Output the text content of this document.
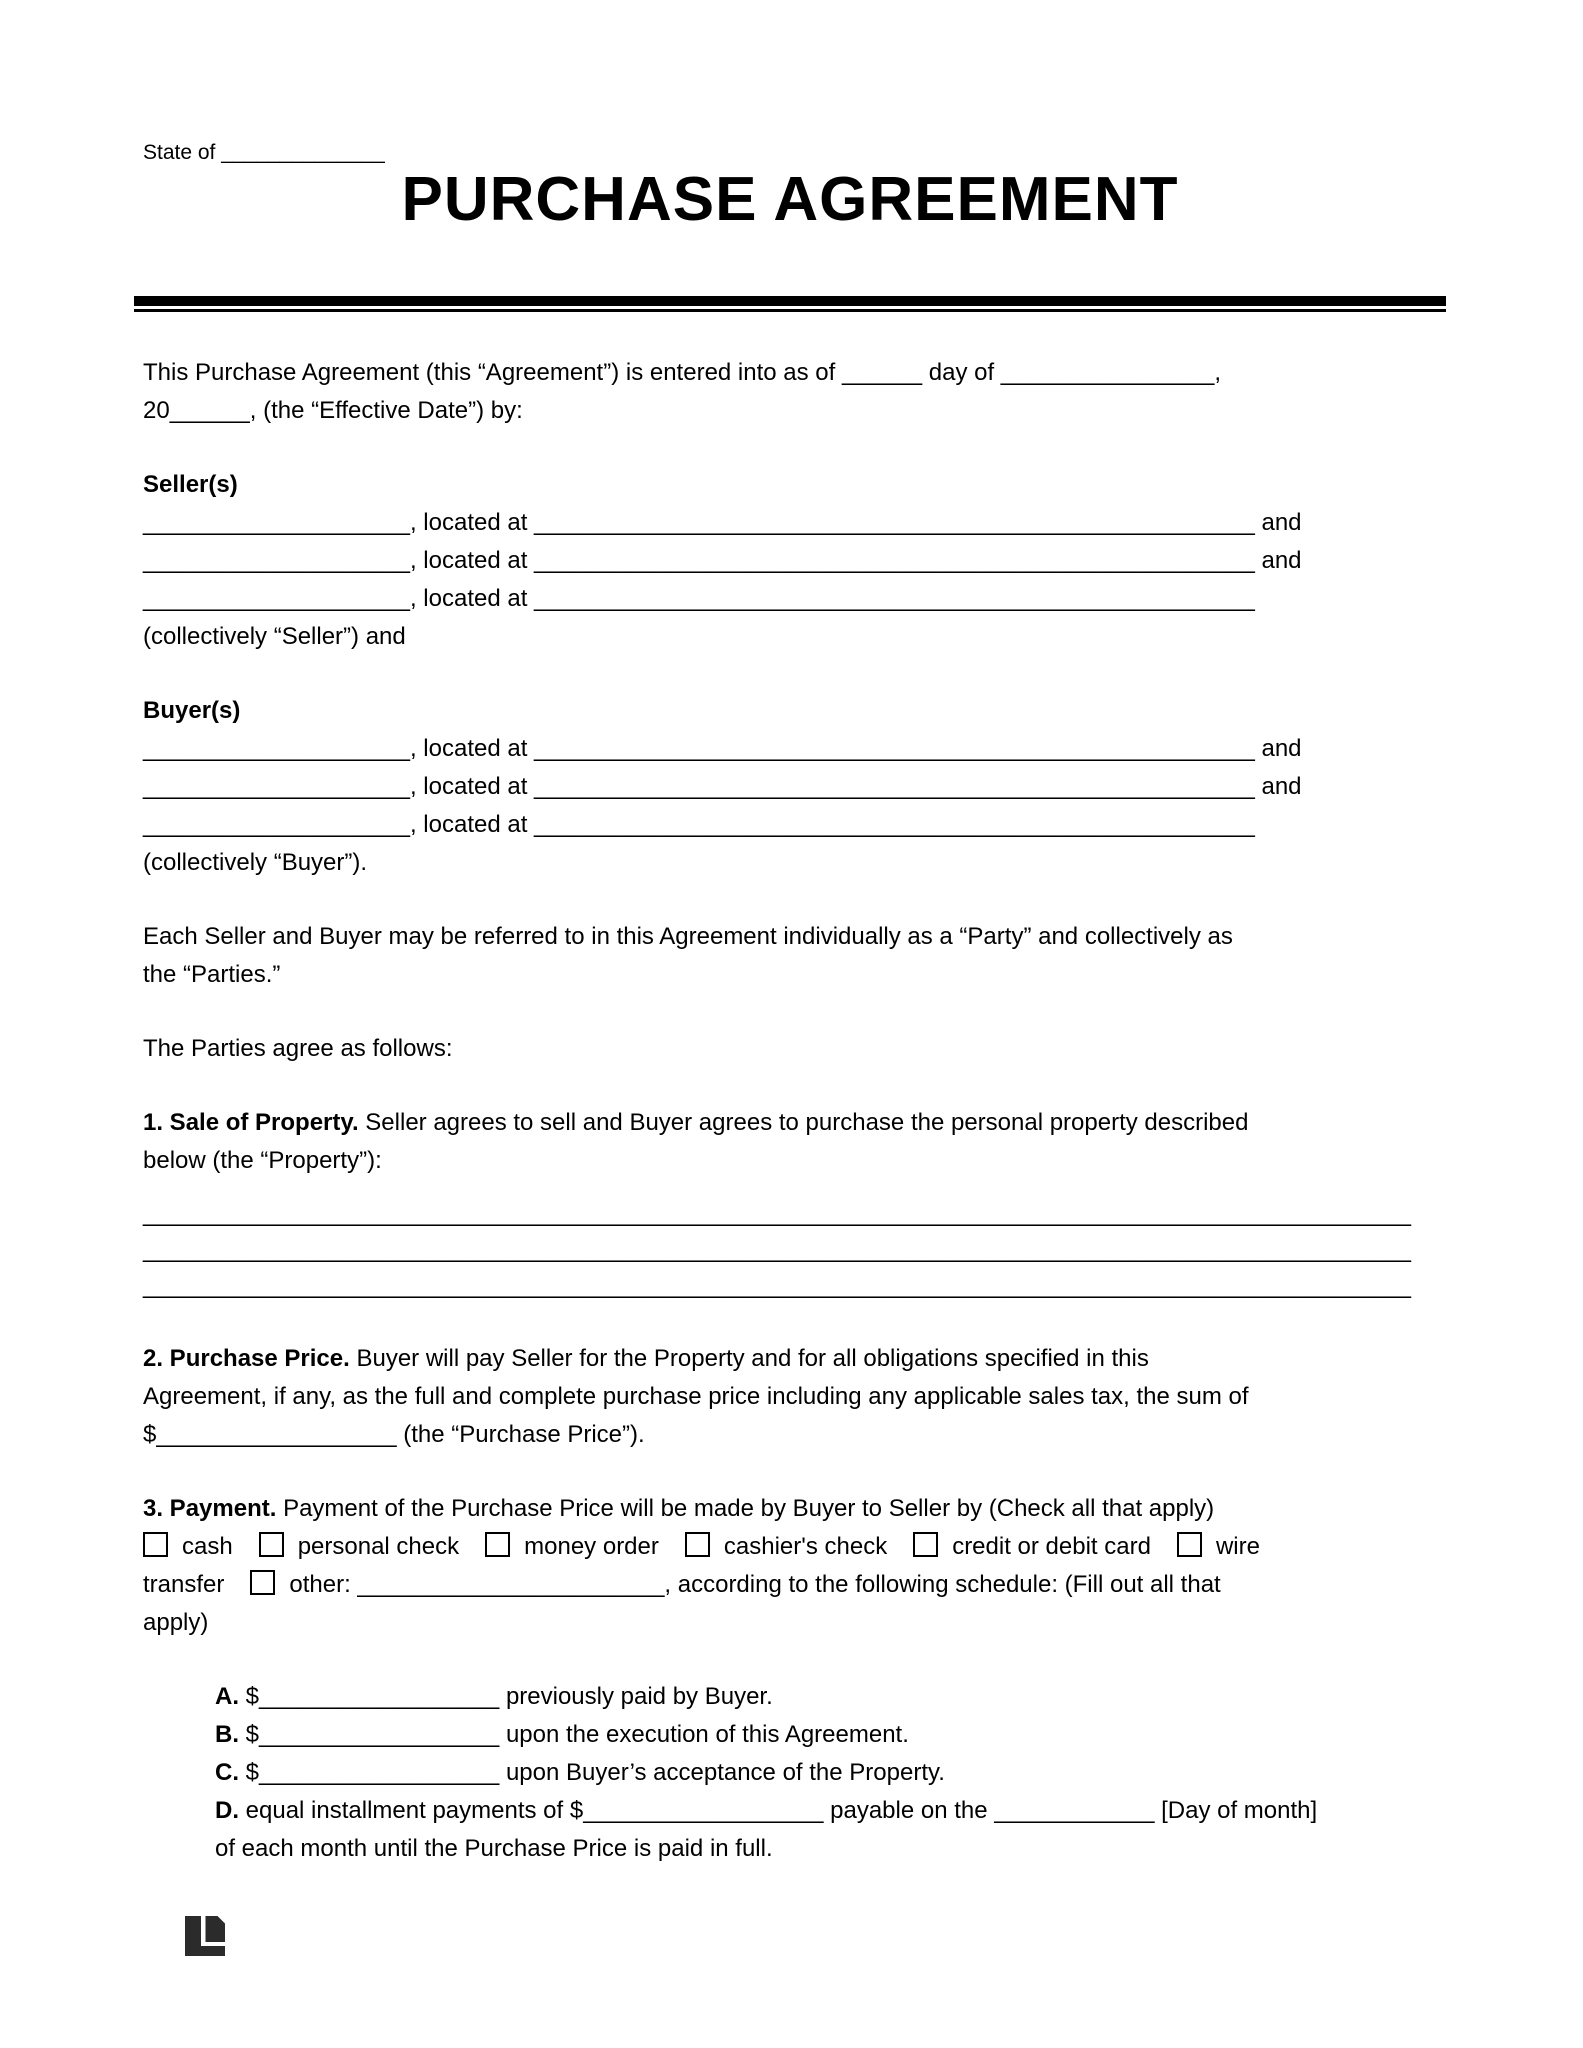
State of ______________
PURCHASE AGREEMENT
This Purchase Agreement (this “Agreement”) is entered into as of ______ day of ________________,
20______, (the “Effective Date”) by:
Seller(s)
____________________, located at ______________________________________________________ and
____________________, located at ______________________________________________________ and
____________________, located at ______________________________________________________
(collectively “Seller”) and
Buyer(s)
____________________, located at ______________________________________________________ and
____________________, located at ______________________________________________________ and
____________________, located at ______________________________________________________
(collectively “Buyer”).
Each Seller and Buyer may be referred to in this Agreement individually as a “Party” and collectively as
the “Parties.”
The Parties agree as follows:
1. Sale of Property. Seller agrees to sell and Buyer agrees to purchase the personal property described
below (the “Property”):
_______________________________________________________________________________________________
_______________________________________________________________________________________________
_______________________________________________________________________________________________
2. Purchase Price. Buyer will pay Seller for the Property and for all obligations specified in this
Agreement, if any, as the full and complete purchase price including any applicable sales tax, the sum of
$__________________ (the “Purchase Price”).
3. Payment. Payment of the Purchase Price will be made by Buyer to Seller by (Check all that apply)
cash	personal check	money order	cashier's check	credit or debit card	wire
transfer	other: _______________________, according to the following schedule: (Fill out all that
apply)
A. $__________________ previously paid by Buyer.
B. $__________________ upon the execution of this Agreement.
C. $__________________ upon Buyer’s acceptance of the Property.
D. equal installment payments of $__________________ payable on the ____________ [Day of month]
of each month until the Purchase Price is paid in full.
